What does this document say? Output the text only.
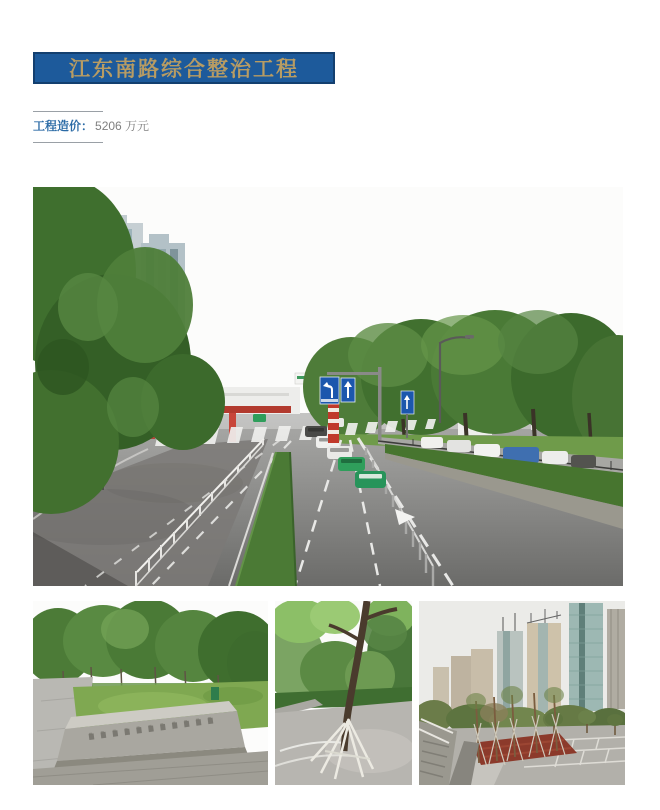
江东南路综合整治工程
工程造价： 5206 万元
